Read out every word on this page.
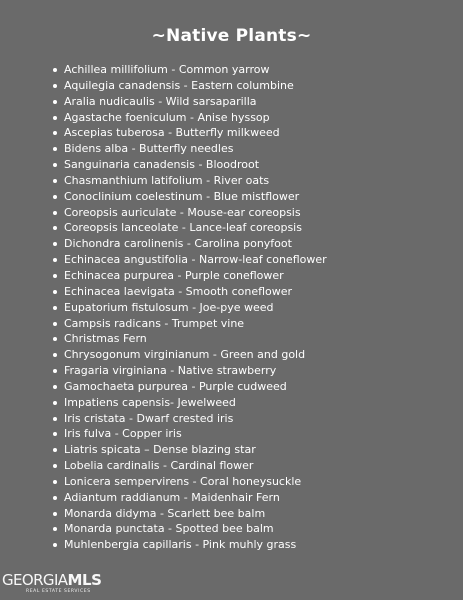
~Native Plants~
Achillea millifolium - Common yarrow
Aquilegia canadensis - Eastern columbine
Aralia nudicaulis - Wild sarsaparilla
Agastache foeniculum - Anise hyssop
Ascepias tuberosa - Butterfly milkweed
Bidens alba - Butterfly needles
Sanguinaria canadensis - Bloodroot
Chasmanthium latifolium - River oats
Conoclinium coelestinum - Blue mistflower
Coreopsis auriculate - Mouse-ear coreopsis
Coreopsis lanceolate - Lance-leaf coreopsis
Dichondra carolinenis - Carolina ponyfoot
Echinacea angustifolia - Narrow-leaf coneflower
Echinacea purpurea - Purple coneflower
Echinacea laevigata - Smooth coneflower
Eupatorium fistulosum - Joe-pye weed
Campsis radicans - Trumpet vine
Christmas Fern
Chrysogonum virginianum - Green and gold
Fragaria virginiana - Native strawberry
Gamochaeta purpurea - Purple cudweed
Impatiens capensis- Jewelweed
Iris cristata - Dwarf crested iris
Iris fulva - Copper iris
Liatris spicata – Dense blazing star
Lobelia cardinalis - Cardinal flower
Lonicera sempervirens - Coral honeysuckle
Adiantum raddianum - Maidenhair Fern
Monarda didyma - Scarlett bee balm
Monarda punctata - Spotted bee balm
Muhlenbergia capillaris - Pink muhly grass
GEORGIAMLS
REAL ESTATE SERVICES
